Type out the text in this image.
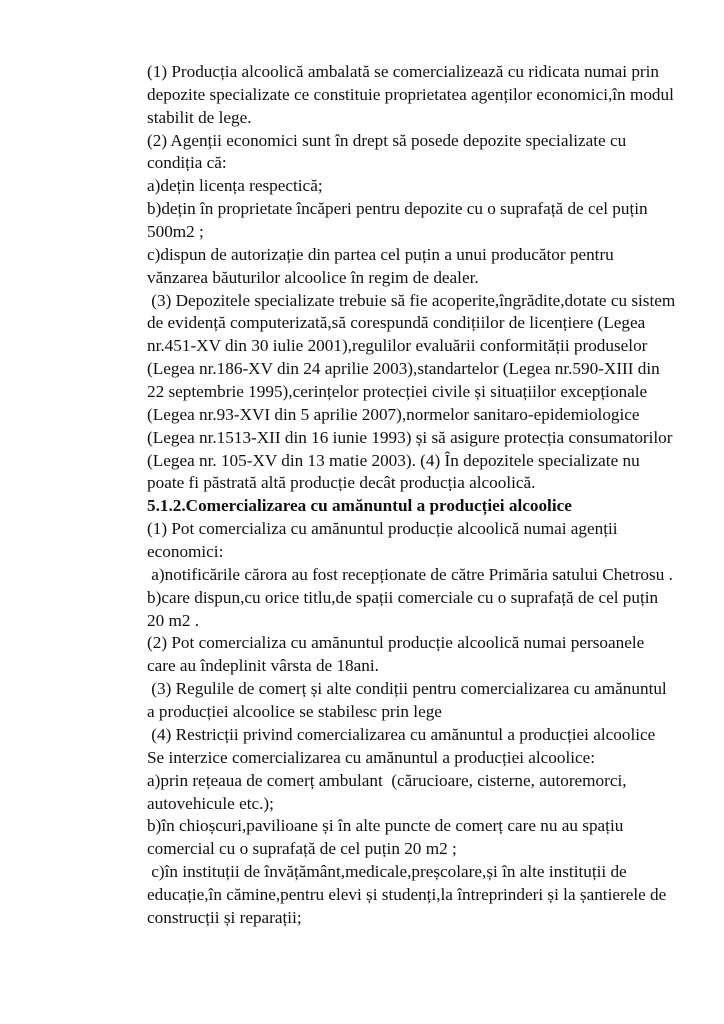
(1) Producția alcoolică ambalată se comercializează cu ridicata numai prin
depozite specializate ce constituie proprietatea agenților economici,în modul
stabilit de lege.
(2) Agenții economici sunt în drept să posede depozite specializate cu
condiția că:
a)dețin licența respectică;
b)dețin în proprietate încăperi pentru depozite cu o suprafață de cel puțin
500m2 ;
c)dispun de autorizație din partea cel puțin a unui producător pentru
vănzarea băuturilor alcoolice în regim de dealer.
(3) Depozitele specializate trebuie să fie acoperite,îngrădite,dotate cu sistem
de evidență computerizată,să corespundă condițiilor de licențiere (Legea
nr.451-XV din 30 iulie 2001),regulilor evaluării conformității produselor
(Legea nr.186-XV din 24 aprilie 2003),standartelor (Legea nr.590-XIII din
22 septembrie 1995),cerințelor protecției civile și situațiilor excepționale
(Legea nr.93-XVI din 5 aprilie 2007),normelor sanitaro-epidemiologice
(Legea nr.1513-XII din 16 iunie 1993) și să asigure protecția consumatorilor
(Legea nr. 105-XV din 13 matie 2003). (4) În depozitele specializate nu
poate fi păstrată altă producție decât producția alcoolică.
5.1.2.Comercializarea cu amănuntul a producției alcoolice
(1) Pot comercializa cu amănuntul producție alcoolică numai agenții
economici:
a)notificările cărora au fost recepționate de către Primăria satului Chetrosu .
b)care dispun,cu orice titlu,de spații comerciale cu o suprafață de cel puțin
20 m2 .
(2) Pot comercializa cu amănuntul producție alcoolică numai persoanele
care au îndeplinit vârsta de 18ani.
(3) Regulile de comerț și alte condiții pentru comercializarea cu amănuntul
a producției alcoolice se stabilesc prin lege
(4) Restricții privind comercializarea cu amănuntul a producției alcoolice
Se interzice comercializarea cu amănuntul a producției alcoolice:
a)prin rețeaua de comerț ambulant  (cărucioare, cisterne, autoremorci,
autovehicule etc.);
b)în chioșcuri,pavilioane și în alte puncte de comerț care nu au spațiu
comercial cu o suprafață de cel puțin 20 m2 ;
c)în instituții de învățământ,medicale,preșcolare,și în alte instituții de
educație,în cămine,pentru elevi și studenți,la întreprinderi și la șantierele de
construcții și reparații;
